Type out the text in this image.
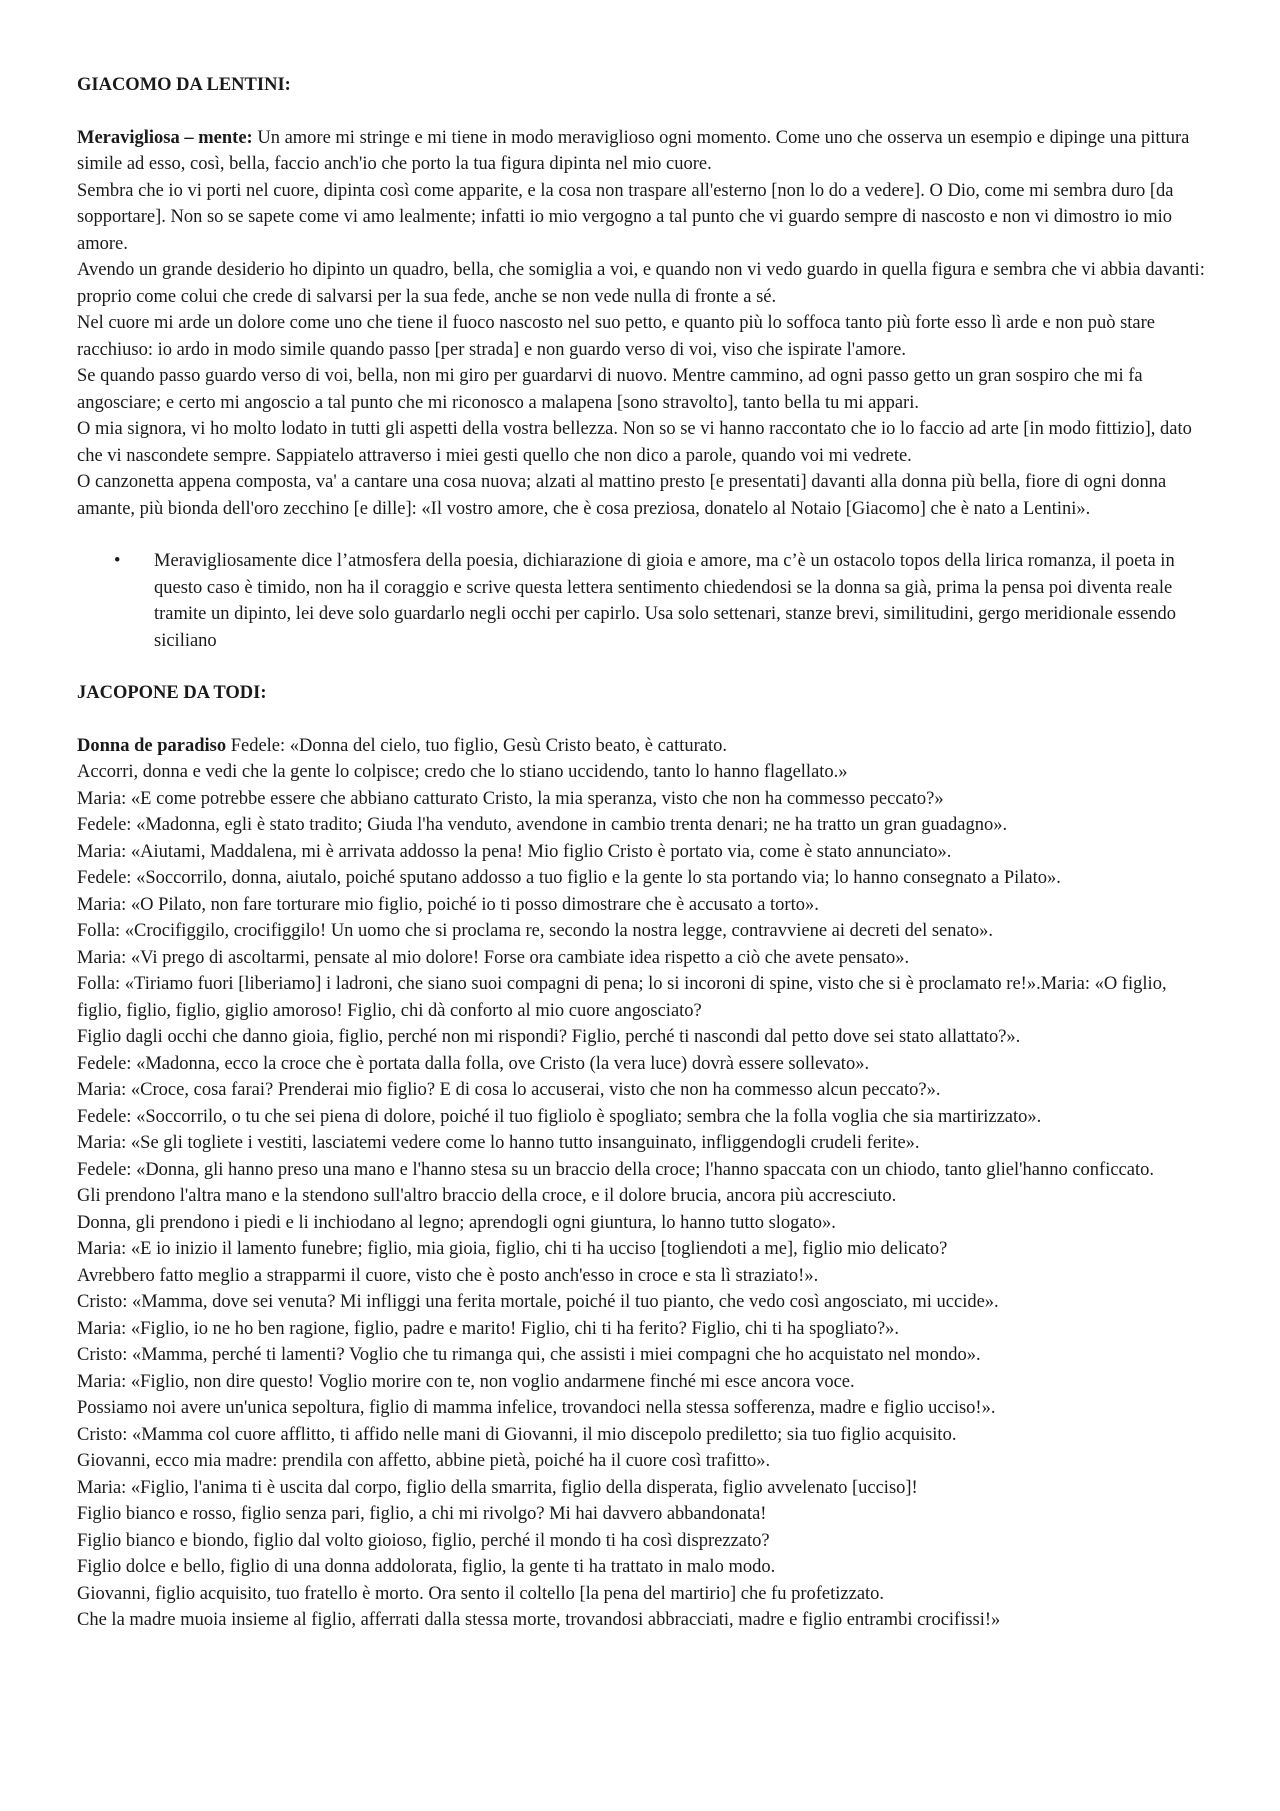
GIACOMO DA LENTINI:

Meravigliosa – mente: Un amore mi stringe e mi tiene in modo meraviglioso ogni momento. Come uno che osserva un esempio e dipinge una pittura simile ad esso, così, bella, faccio anch'io che porto la tua figura dipinta nel mio cuore.

Sembra che io vi porti nel cuore, dipinta così come apparite, e la cosa non traspare all'esterno [non lo do a vedere]. O Dio, come mi sembra duro [da sopportare]. Non so se sapete come vi amo lealmente; infatti io mio vergogno a tal punto che vi guardo sempre di nascosto e non vi dimostro io mio amore.

Avendo un grande desiderio ho dipinto un quadro, bella, che somiglia a voi, e quando non vi vedo guardo in quella figura e sembra che vi abbia davanti: proprio come colui che crede di salvarsi per la sua fede, anche se non vede nulla di fronte a sé.

Nel cuore mi arde un dolore come uno che tiene il fuoco nascosto nel suo petto, e quanto più lo soffoca tanto più forte esso lì arde e non può stare racchiuso: io ardo in modo simile quando passo [per strada] e non guardo verso di voi, viso che ispirate l'amore.

Se quando passo guardo verso di voi, bella, non mi giro per guardarvi di nuovo. Mentre cammino, ad ogni passo getto un gran sospiro che mi fa angosciare; e certo mi angoscio a tal punto che mi riconosco a malapena [sono stravolto], tanto bella tu mi appari.

O mia signora, vi ho molto lodato in tutti gli aspetti della vostra bellezza. Non so se vi hanno raccontato che io lo faccio ad arte [in modo fittizio], dato che vi nascondete sempre. Sappiatelo attraverso i miei gesti quello che non dico a parole, quando voi mi vedrete.

O canzonetta appena composta, va' a cantare una cosa nuova; alzati al mattino presto [e presentati] davanti alla donna più bella, fiore di ogni donna amante, più bionda dell'oro zecchino [e dille]: «Il vostro amore, che è cosa preziosa, donatelo al Notaio [Giacomo] che è nato a Lentini».

• Meravigliosamente dice l’atmosfera della poesia, dichiarazione di gioia e amore, ma c’è un ostacolo topos della lirica romanza, il poeta in questo caso è timido, non ha il coraggio e scrive questa lettera sentimento chiedendosi se la donna sa già, prima la pensa poi diventa reale tramite un dipinto, lei deve solo guardarlo negli occhi per capirlo. Usa solo settenari, stanze brevi, similitudini, gergo meridionale essendo siciliano

JACOPONE DA TODI:

Donna de paradiso Fedele: «Donna del cielo, tuo figlio, Gesù Cristo beato, è catturato.

Accorri, donna e vedi che la gente lo colpisce; credo che lo stiano uccidendo, tanto lo hanno flagellato.»

Maria: «E come potrebbe essere che abbiano catturato Cristo, la mia speranza, visto che non ha commesso peccato?»

Fedele: «Madonna, egli è stato tradito; Giuda l'ha venduto, avendone in cambio trenta denari; ne ha tratto un gran guadagno».

Maria: «Aiutami, Maddalena, mi è arrivata addosso la pena! Mio figlio Cristo è portato via, come è stato annunciato».

Fedele: «Soccorrilo, donna, aiutalo, poiché sputano addosso a tuo figlio e la gente lo sta portando via; lo hanno consegnato a Pilato».

Maria: «O Pilato, non fare torturare mio figlio, poiché io ti posso dimostrare che è accusato a torto».

Folla: «Crocifiggilo, crocifiggilo! Un uomo che si proclama re, secondo la nostra legge, contravviene ai decreti del senato».

Maria: «Vi prego di ascoltarmi, pensate al mio dolore! Forse ora cambiate idea rispetto a ciò che avete pensato».

Folla: «Tiriamo fuori [liberiamo] i ladroni, che siano suoi compagni di pena; lo si incoroni di spine, visto che si è proclamato re!».Maria: «O figlio, figlio, figlio, figlio, giglio amoroso! Figlio, chi dà conforto al mio cuore angosciato?

Figlio dagli occhi che danno gioia, figlio, perché non mi rispondi? Figlio, perché ti nascondi dal petto dove sei stato allattato?».

Fedele: «Madonna, ecco la croce che è portata dalla folla, ove Cristo (la vera luce) dovrà essere sollevato».

Maria: «Croce, cosa farai? Prenderai mio figlio? E di cosa lo accuserai, visto che non ha commesso alcun peccato?».

Fedele: «Soccorrilo, o tu che sei piena di dolore, poiché il tuo figliolo è spogliato; sembra che la folla voglia che sia martirizzato».

Maria: «Se gli togliete i vestiti, lasciatemi vedere come lo hanno tutto insanguinato, infliggendogli crudeli ferite».

Fedele: «Donna, gli hanno preso una mano e l'hanno stesa su un braccio della croce; l'hanno spaccata con un chiodo, tanto gliel'hanno conficcato.

Gli prendono l'altra mano e la stendono sull'altro braccio della croce, e il dolore brucia, ancora più accresciuto.

Donna, gli prendono i piedi e li inchiodano al legno; aprendogli ogni giuntura, lo hanno tutto slogato».

Maria: «E io inizio il lamento funebre; figlio, mia gioia, figlio, chi ti ha ucciso [togliendoti a me], figlio mio delicato?

Avrebbero fatto meglio a strapparmi il cuore, visto che è posto anch'esso in croce e sta lì straziato!».

Cristo: «Mamma, dove sei venuta? Mi infliggi una ferita mortale, poiché il tuo pianto, che vedo così angosciato, mi uccide».

Maria: «Figlio, io ne ho ben ragione, figlio, padre e marito! Figlio, chi ti ha ferito? Figlio, chi ti ha spogliato?».

Cristo: «Mamma, perché ti lamenti? Voglio che tu rimanga qui, che assisti i miei compagni che ho acquistato nel mondo».

Maria: «Figlio, non dire questo! Voglio morire con te, non voglio andarmene finché mi esce ancora voce.

Possiamo noi avere un'unica sepoltura, figlio di mamma infelice, trovandoci nella stessa sofferenza, madre e figlio ucciso!».

Cristo: «Mamma col cuore afflitto, ti affido nelle mani di Giovanni, il mio discepolo prediletto; sia tuo figlio acquisito.

Giovanni, ecco mia madre: prendila con affetto, abbine pietà, poiché ha il cuore così trafitto».

Maria: «Figlio, l'anima ti è uscita dal corpo, figlio della smarrita, figlio della disperata, figlio avvelenato [ucciso]!

Figlio bianco e rosso, figlio senza pari, figlio, a chi mi rivolgo? Mi hai davvero abbandonata!

Figlio bianco e biondo, figlio dal volto gioioso, figlio, perché il mondo ti ha così disprezzato?

Figlio dolce e bello, figlio di una donna addolorata, figlio, la gente ti ha trattato in malo modo.

Giovanni, figlio acquisito, tuo fratello è morto. Ora sento il coltello [la pena del martirio] che fu profetizzato.

Che la madre muoia insieme al figlio, afferrati dalla stessa morte, trovandosi abbracciati, madre e figlio entrambi crocifissi!»
